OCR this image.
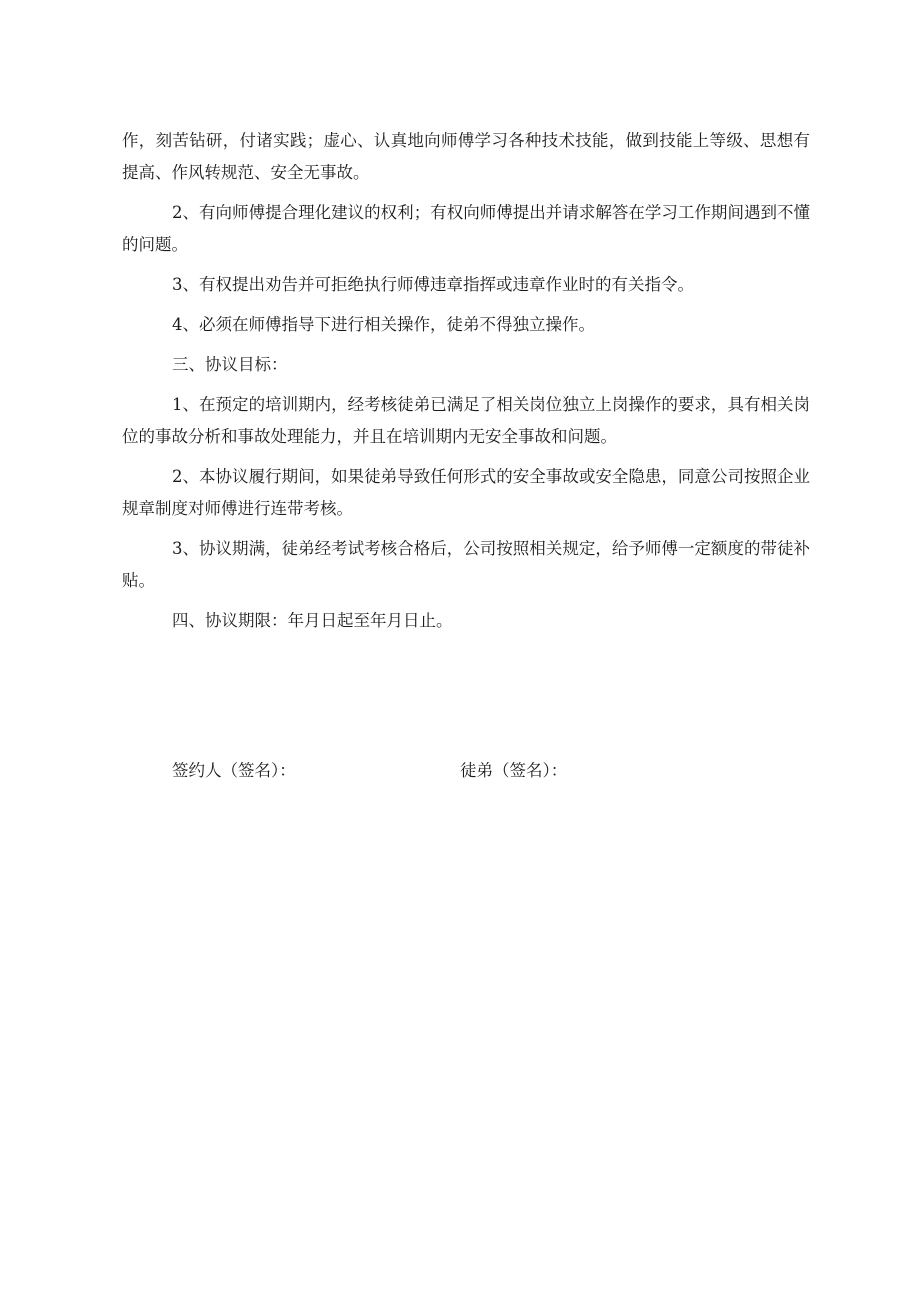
作，刻苦钻研，付诸实践；虚心、认真地向师傅学习各种技术技能，做到技能上等级、思想有提高、作风转规范、安全无事故。

2、有向师傅提合理化建议的权利；有权向师傅提出并请求解答在学习工作期间遇到不懂的问题。

3、有权提出劝告并可拒绝执行师傅违章指挥或违章作业时的有关指令。

4、必须在师傅指导下进行相关操作，徒弟不得独立操作。

三、协议目标：

1、在预定的培训期内，经考核徒弟已满足了相关岗位独立上岗操作的要求，具有相关岗位的事故分析和事故处理能力，并且在培训期内无安全事故和问题。

2、本协议履行期间，如果徒弟导致任何形式的安全事故或安全隐患，同意公司按照企业规章制度对师傅进行连带考核。

3、协议期满，徒弟经考试考核合格后，公司按照相关规定，给予师傅一定额度的带徒补贴。

四、协议期限：年月日起至年月日止。

签约人（签名）：	徒弟（签名）：
